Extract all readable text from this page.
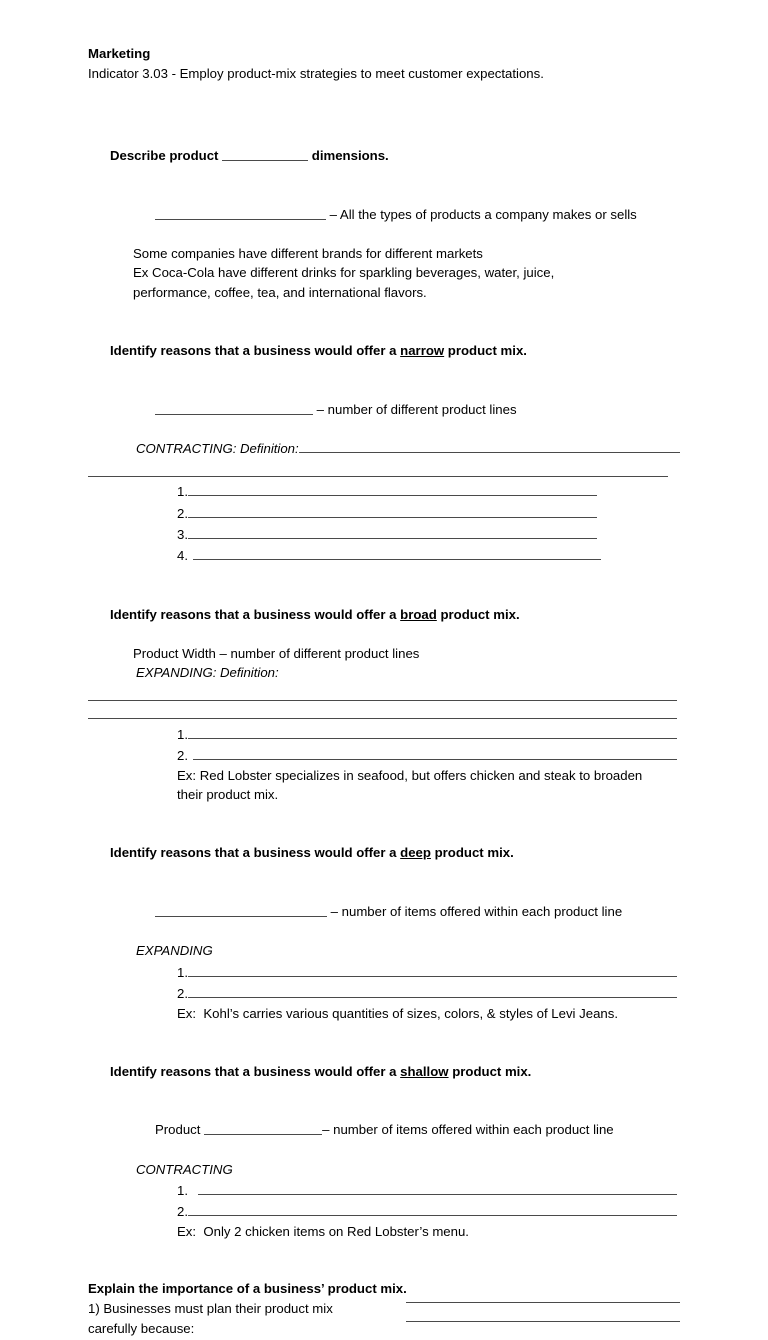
Marketing
Indicator 3.03 - Employ product-mix strategies to meet customer expectations.

Describe product	dimensions.

– All the types of products a company makes or sells

Some companies have different brands for different markets
Ex Coca-Cola have different drinks for sparkling beverages, water, juice,
performance, coffee, tea, and international flavors.

Identify reasons that a business would offer a narrow product mix.

– number of different product lines

CONTRACTING: Definition:
1.
2.
3.
4.

Identify reasons that a business would offer a broad product mix.

Product Width – number of different product lines
EXPANDING: Definition:
1.
2.
Ex: Red Lobster specializes in seafood, but offers chicken and steak to broaden
their product mix.

Identify reasons that a business would offer a deep product mix.

– number of items offered within each product line

EXPANDING
1.
2.
Ex:  Kohl’s carries various quantities of sizes, colors, & styles of Levi Jeans.

Identify reasons that a business would offer a shallow product mix.

Product	– number of items offered within each product line

CONTRACTING
1.
2.
Ex:  Only 2 chicken items on Red Lobster’s menu.
Explain the importance of a business’ product mix.
1) Businesses must plan their product mix
carefully because:
